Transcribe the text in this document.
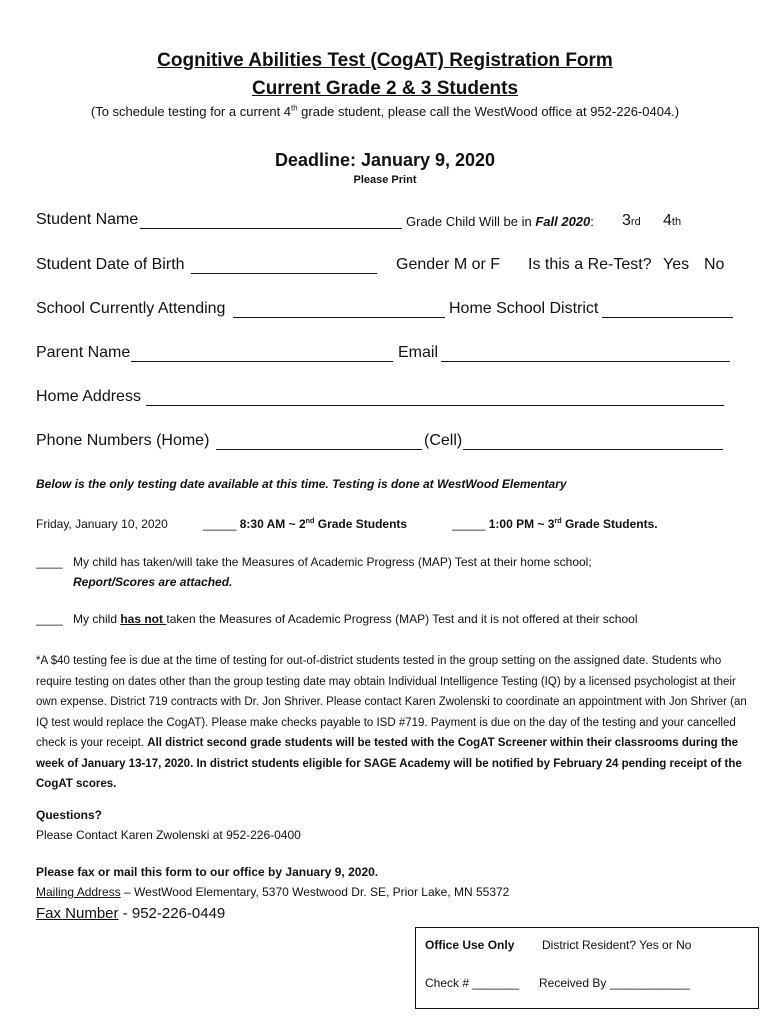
Cognitive Abilities Test (CogAT) Registration Form
Current Grade 2 & 3 Students
(To schedule testing for a current 4th grade student, please call the WestWood office at 952-226-0404.)
Deadline: January 9, 2020
Please Print
Student Name	Grade Child Will be in Fall 2020: 3rd 4th
Student Date of Birth	Gender M or F Is this a Re-Test? Yes No
School Currently Attending	Home School District
Parent Name	Email
Home Address
Phone Numbers (Home)	(Cell)
Below is the only testing date available at this time. Testing is done at WestWood Elementary
Friday, January 10, 2020	_____ 8:30 AM ~ 2nd Grade Students	_____ 1:00 PM ~ 3rd Grade Students.
____ My child has taken/will take the Measures of Academic Progress (MAP) Test at their home school;
Report/Scores are attached.
____ My child has not taken the Measures of Academic Progress (MAP) Test and it is not offered at their school
*A $40 testing fee is due at the time of testing for out-of-district students tested in the group setting on the assigned date. Students who require testing on dates other than the group testing date may obtain Individual Intelligence Testing (IQ) by a licensed psychologist at their own expense. District 719 contracts with Dr. Jon Shriver. Please contact Karen Zwolenski to coordinate an appointment with Jon Shriver (an IQ test would replace the CogAT). Please make checks payable to ISD #719. Payment is due on the day of the testing and your cancelled check is your receipt. All district second grade students will be tested with the CogAT Screener within their classrooms during the week of January 13-17, 2020. In district students eligible for SAGE Academy will be notified by February 24 pending receipt of the CogAT scores.
Questions?
Please Contact Karen Zwolenski at 952-226-0400
Please fax or mail this form to our office by January 9, 2020.
Mailing Address – WestWood Elementary, 5370 Westwood Dr. SE, Prior Lake, MN 55372
Fax Number - 952-226-0449
Office Use Only District Resident? Yes or No
Check # _______ Received By ____________
